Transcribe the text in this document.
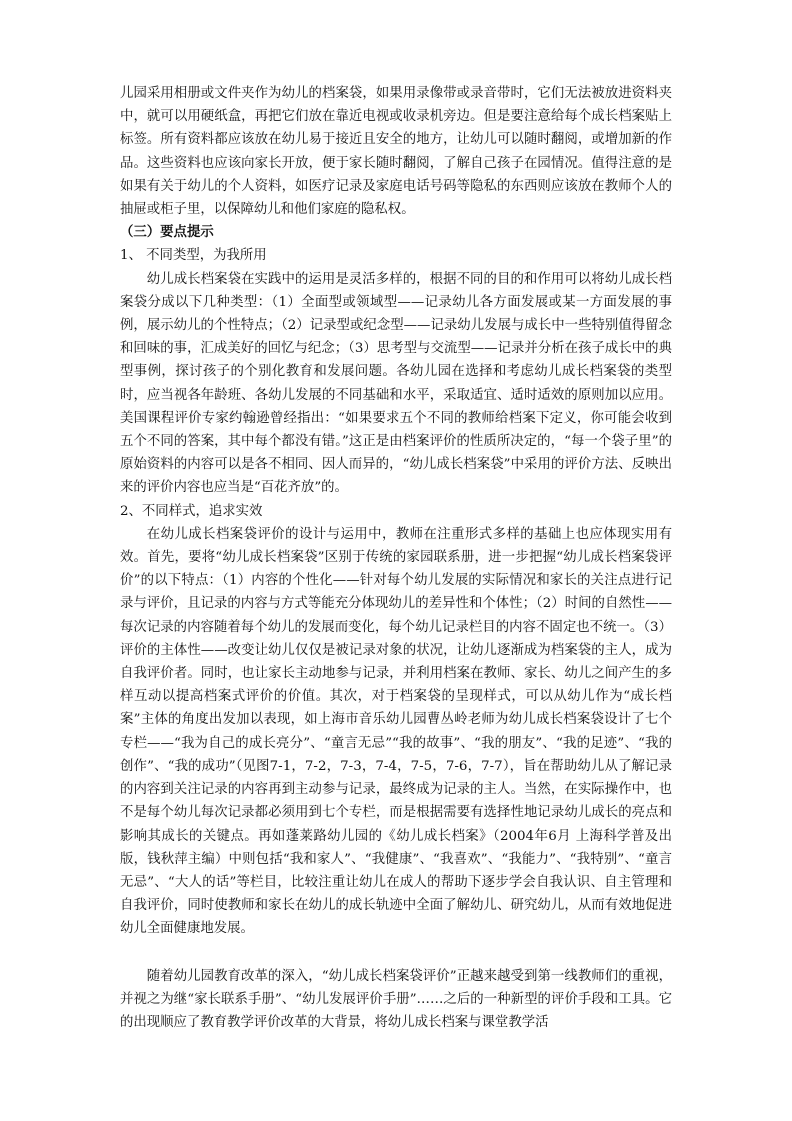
儿园采用相册或文件夹作为幼儿的档案袋，如果用录像带或录音带时，它们无法被放进资料夹中，就可以用硬纸盒，再把它们放在靠近电视或收录机旁边。但是要注意给每个成长档案贴上标签。所有资料都应该放在幼儿易于接近且安全的地方，让幼儿可以随时翻阅，或增加新的作品。这些资料也应该向家长开放，便于家长随时翻阅，了解自己孩子在园情况。值得注意的是如果有关于幼儿的个人资料，如医疗记录及家庭电话号码等隐私的东西则应该放在教师个人的抽屉或柜子里，以保障幼儿和他们家庭的隐私权。

（三）要点提示

1、 不同类型，为我所用

幼儿成长档案袋在实践中的运用是灵活多样的，根据不同的目的和作用可以将幼儿成长档案袋分成以下几种类型：（1）全面型或领域型——记录幼儿各方面发展或某一方面发展的事例，展示幼儿的个性特点；（2）记录型或纪念型——记录幼儿发展与成长中一些特别值得留念和回味的事，汇成美好的回忆与纪念；（3）思考型与交流型——记录并分析在孩子成长中的典型事例，探讨孩子的个别化教育和发展问题。各幼儿园在选择和考虑幼儿成长档案袋的类型时，应当视各年龄班、各幼儿发展的不同基础和水平，采取适宜、适时适效的原则加以应用。美国课程评价专家约翰逊曾经指出：“如果要求五个不同的教师给档案下定义，你可能会收到五个不同的答案，其中每个都没有错。”这正是由档案评价的性质所决定的，“每一个袋子里”的原始资料的内容可以是各不相同、因人而异的，“幼儿成长档案袋”中采用的评价方法、反映出来的评价内容也应当是“百花齐放”的。

2、不同样式，追求实效

在幼儿成长档案袋评价的设计与运用中，教师在注重形式多样的基础上也应体现实用有效。首先，要将“幼儿成长档案袋”区别于传统的家园联系册，进一步把握“幼儿成长档案袋评价”的以下特点：（1）内容的个性化——针对每个幼儿发展的实际情况和家长的关注点进行记录与评价，且记录的内容与方式等能充分体现幼儿的差异性和个体性；（2）时间的自然性——每次记录的内容随着每个幼儿的发展而变化，每个幼儿记录栏目的内容不固定也不统一。（3）评价的主体性——改变让幼儿仅仅是被记录对象的状况，让幼儿逐渐成为档案袋的主人，成为自我评价者。同时，也让家长主动地参与记录，并利用档案在教师、家长、幼儿之间产生的多样互动以提高档案式评价的价值。其次，对于档案袋的呈现样式，可以从幼儿作为“成长档案”主体的角度出发加以表现，如上海市音乐幼儿园曹丛岭老师为幼儿成长档案袋设计了七个专栏——“我为自己的成长亮分”、“童言无忌”“我的故事”、“我的朋友”、“我的足迹”、“我的创作”、“我的成功”（见图7-1，7-2，7-3，7-4，7-5，7-6，7-7），旨在帮助幼儿从了解记录的内容到关注记录的内容再到主动参与记录，最终成为记录的主人。当然，在实际操作中，也不是每个幼儿每次记录都必须用到七个专栏，而是根据需要有选择性地记录幼儿成长的亮点和影响其成长的关键点。再如蓬莱路幼儿园的《幼儿成长档案》（2004年6月 上海科学普及出版，钱秋萍主编）中则包括“我和家人”、“我健康”、“我喜欢”、“我能力”、“我特别”、“童言无忌”、“大人的话”等栏目，比较注重让幼儿在成人的帮助下逐步学会自我认识、自主管理和自我评价，同时使教师和家长在幼儿的成长轨迹中全面了解幼儿、研究幼儿，从而有效地促进幼儿全面健康地发展。

随着幼儿园教育改革的深入，“幼儿成长档案袋评价”正越来越受到第一线教师们的重视，并视之为继“家长联系手册”、“幼儿发展评价手册”……之后的一种新型的评价手段和工具。它的出现顺应了教育教学评价改革的大背景，将幼儿成长档案与课堂教学活
